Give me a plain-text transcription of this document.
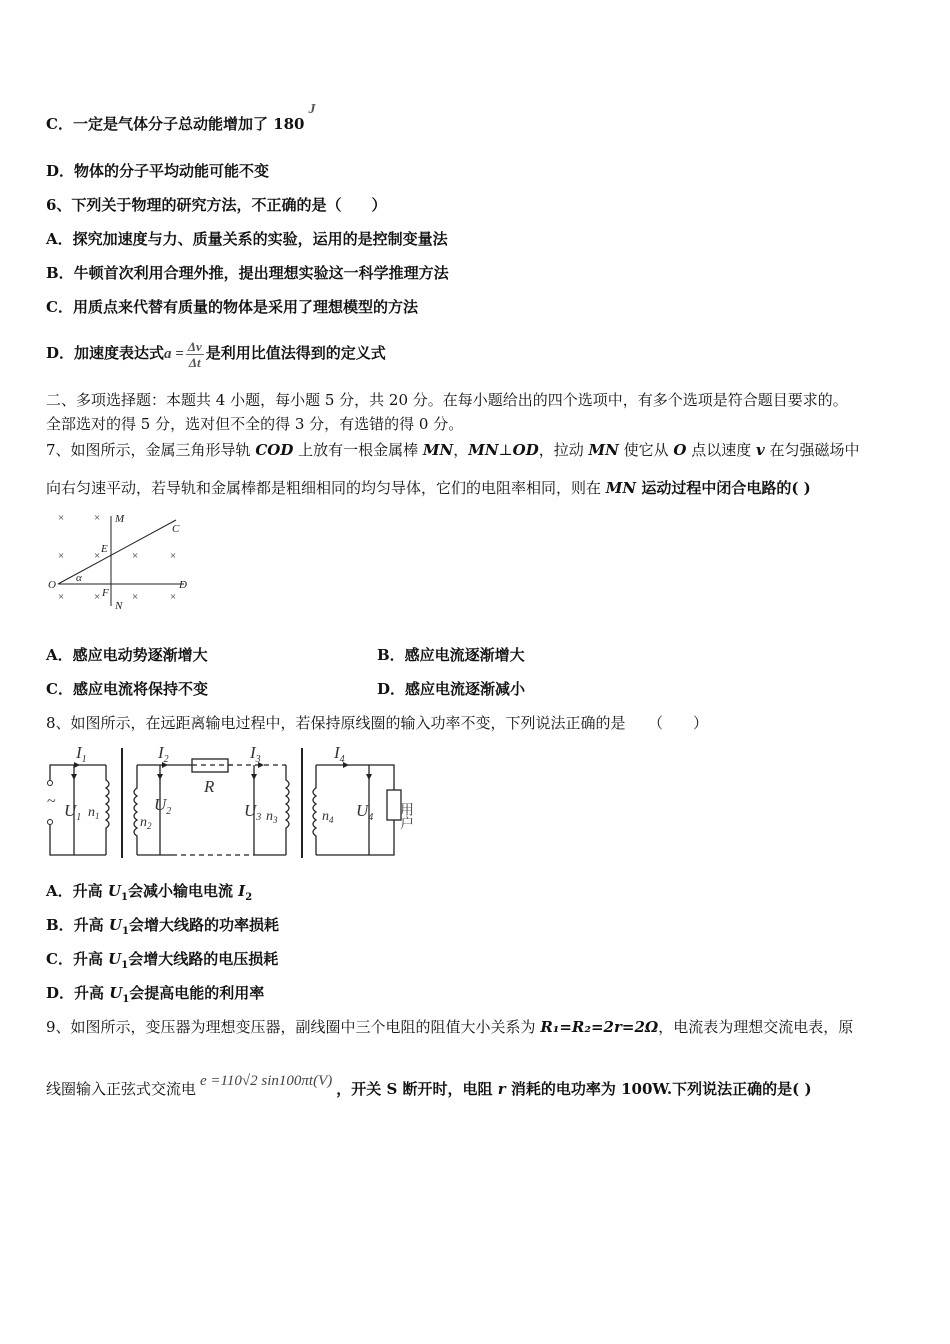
C．一定是气体分子总动能增加了 180J
D．物体的分子平均动能可能不变
6、下列关于物理的研究方法，不正确的是（　　）
A．探究加速度与力、质量关系的实验，运用的是控制变量法
B．牛顿首次利用合理外推，提出理想实验这一科学推理方法
C．用质点来代替有质量的物体是采用了理想模型的方法
D．加速度表达式$a = \frac{\Delta v}{\Delta t}$ 是利用比值法得到的定义式
二、多项选择题：本题共 4 小题，每小题 5 分，共 20 分。在每小题给出的四个选项中，有多个选项是符合题目要求的。
全部选对的得 5 分，选对但不全的得 3 分，有选错的得 0 分。
7、如图所示，金属三角形导轨 COD 上放有一根金属棒 MN，MN⊥OD，拉动 MN 使它从 O 点以速度 v 在匀强磁场中
向右匀速平动，若导轨和金属棒都是粗细相同的均匀导体，它们的电阻率相同，则在 MN 运动过程中闭合电路的( )
×	×
×	×	×	×
×	×	×	×
M
C
E
O
α
F
D
N
A．感应电动势逐渐增大	B．感应电流逐渐增大
C．感应电流将保持不变	D．感应电流逐渐减小
8、如图所示，在远距离输电过程中，若保持原线圈的输入功率不变，下列说法正确的是　　（　　）
$I_1$	$I_2$	$I_3$	$I_4$
R
$U_1$ $n_1$	$n_2$
$U_2$	$U_3$ $n_3$	$n_4$ $U_4$
~
用户
A．升高 $U_1$会减小输电电流 $I_2$
B．升高 $U_1$会增大线路的功率损耗
C．升高 $U_1$会增大线路的电压损耗
D．升高 $U_1$会提高电能的利用率
9、如图所示，变压器为理想变压器，副线圈中三个电阻的阻值大小关系为 R₁=R₂=2r=2Ω，电流表为理想交流电表，原
线圈输入正弦式交流电 e =110√2 sin100πt(V) ，开关 S 断开时，电阻 r 消耗的电功率为 100W.下列说法正确的是( )
